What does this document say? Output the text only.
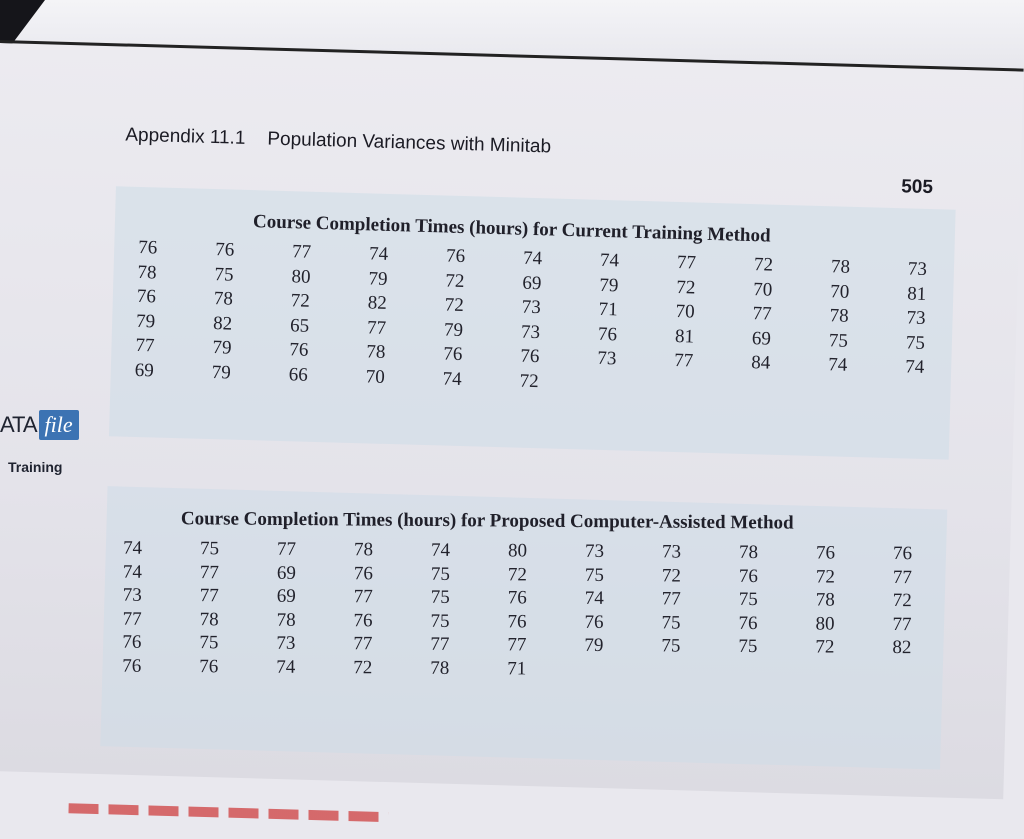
Appendix 11.1 Population Variances with Minitab
505
Course Completion Times (hours) for Current Training Method
76	76	77	74	76	74	74	77	72	78	73
78	75	80	79	72	69	79	72	70	70	81
76	78	72	82	72	73	71	70	77	78	73
79	82	65	77	79	73	76	81	69	75	75
77	79	76	78	76	76	73	77	84	74	74
69	79	66	70	74	72
Course Completion Times (hours) for Proposed Computer-Assisted Method
74	75	77	78	74	80	73	73	78	76	76
74	77	69	76	75	72	75	72	76	72	77
73	77	69	77	75	76	74	77	75	78	72
77	78	78	76	75	76	76	75	76	80	77
76	75	73	77	77	77	79	75	75	72	82
76	76	74	72	78	71
ATA file
Training
